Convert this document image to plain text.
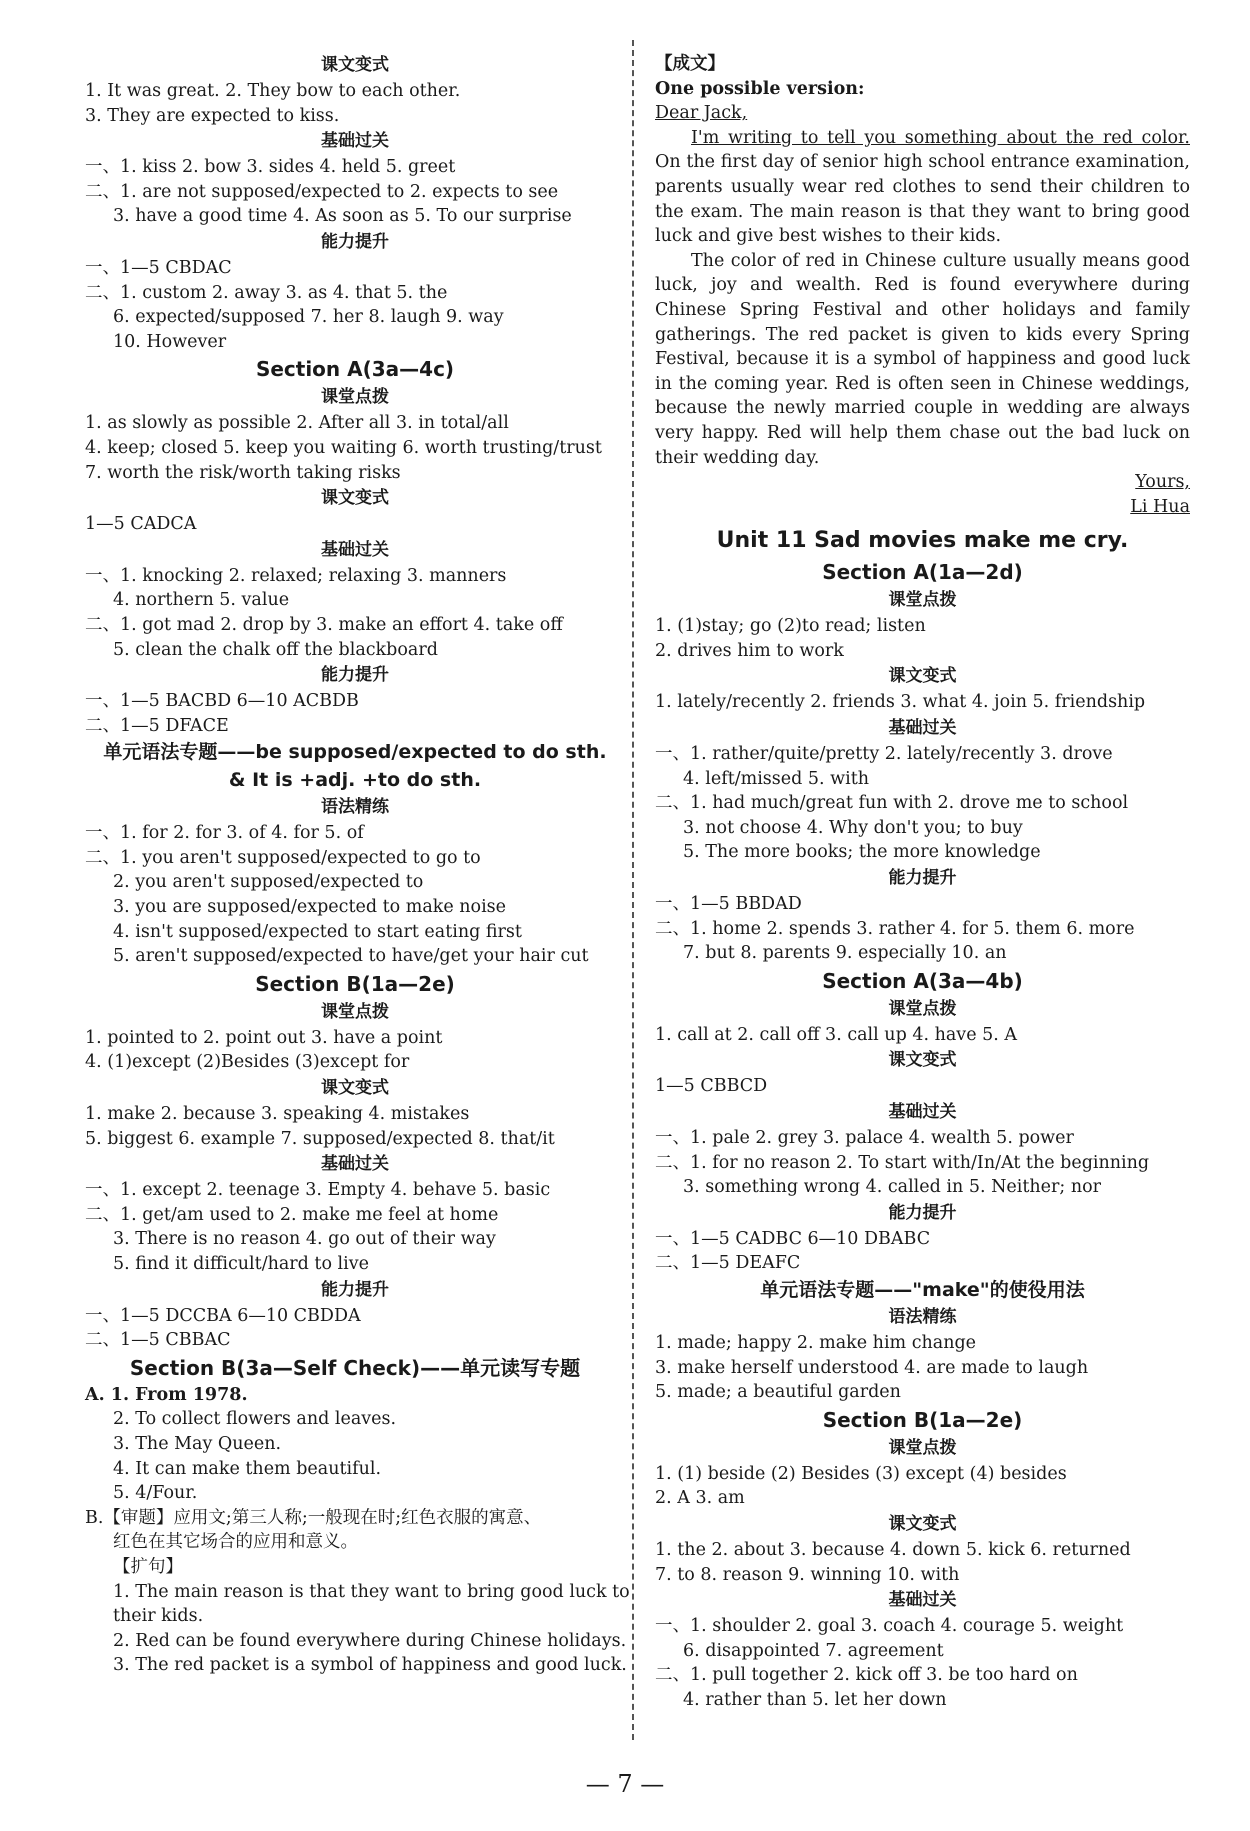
课文变式
1. It was great. 2. They bow to each other.
3. They are expected to kiss.
基础过关
一、1. kiss 2. bow 3. sides 4. held 5. greet
二、1. are not supposed/expected to 2. expects to see
3. have a good time 4. As soon as 5. To our surprise
能力提升
一、1—5 CBDAC
二、1. custom 2. away 3. as 4. that 5. the
6. expected/supposed 7. her 8. laugh 9. way
10. However
Section A(3a—4c)
课堂点拨
1. as slowly as possible 2. After all 3. in total/all
4. keep; closed 5. keep you waiting 6. worth trusting/trust
7. worth the risk/worth taking risks
课文变式
1—5 CADCA
基础过关
一、1. knocking 2. relaxed; relaxing 3. manners
4. northern 5. value
二、1. got mad 2. drop by 3. make an effort 4. take off
5. clean the chalk off the blackboard
能力提升
一、1—5 BACBD 6—10 ACBDB
二、1—5 DFACE
单元语法专题——be supposed/expected to do sth.
& It is +adj. +to do sth.
语法精练
一、1. for 2. for 3. of 4. for 5. of
二、1. you aren't supposed/expected to go to
2. you aren't supposed/expected to
3. you are supposed/expected to make noise
4. isn't supposed/expected to start eating first
5. aren't supposed/expected to have/get your hair cut
Section B(1a—2e)
课堂点拨
1. pointed to 2. point out 3. have a point
4. (1)except (2)Besides (3)except for
课文变式
1. make 2. because 3. speaking 4. mistakes
5. biggest 6. example 7. supposed/expected 8. that/it
基础过关
一、1. except 2. teenage 3. Empty 4. behave 5. basic
二、1. get/am used to 2. make me feel at home
3. There is no reason 4. go out of their way
5. find it difficult/hard to live
能力提升
一、1—5 DCCBA 6—10 CBDDA
二、1—5 CBBAC
Section B(3a—Self Check)——单元读写专题
A. 1. From 1978.
2. To collect flowers and leaves.
3. The May Queen.
4. It can make them beautiful.
5. 4/Four.
B.【审题】应用文;第三人称;一般现在时;红色衣服的寓意、
红色在其它场合的应用和意义。
【扩句】
1. The main reason is that they want to bring good luck to
their kids.
2. Red can be found everywhere during Chinese holidays.
3. The red packet is a symbol of happiness and good luck.
【成文】
One possible version:
Dear Jack,
I'm writing to tell you something about the red color. On the first day of senior high school entrance examination, parents usually wear red clothes to send their children to the exam. The main reason is that they want to bring good luck and give best wishes to their kids.
The color of red in Chinese culture usually means good luck, joy and wealth. Red is found everywhere during Chinese Spring Festival and other holidays and family gatherings. The red packet is given to kids every Spring Festival, because it is a symbol of happiness and good luck in the coming year. Red is often seen in Chinese weddings, because the newly married couple in wedding are always very happy. Red will help them chase out the bad luck on their wedding day.
Yours,
Li Hua
Unit 11 Sad movies make me cry.
Section A(1a—2d)
课堂点拨
1. (1)stay; go (2)to read; listen
2. drives him to work
课文变式
1. lately/recently 2. friends 3. what 4. join 5. friendship
基础过关
一、1. rather/quite/pretty 2. lately/recently 3. drove
4. left/missed 5. with
二、1. had much/great fun with 2. drove me to school
3. not choose 4. Why don't you; to buy
5. The more books; the more knowledge
能力提升
一、1—5 BBDAD
二、1. home 2. spends 3. rather 4. for 5. them 6. more
7. but 8. parents 9. especially 10. an
Section A(3a—4b)
课堂点拨
1. call at 2. call off 3. call up 4. have 5. A
课文变式
1—5 CBBCD
基础过关
一、1. pale 2. grey 3. palace 4. wealth 5. power
二、1. for no reason 2. To start with/In/At the beginning
3. something wrong 4. called in 5. Neither; nor
能力提升
一、1—5 CADBC 6—10 DBABC
二、1—5 DEAFC
单元语法专题——"make"的使役用法
语法精练
1. made; happy 2. make him change
3. make herself understood 4. are made to laugh
5. made; a beautiful garden
Section B(1a—2e)
课堂点拨
1. (1) beside (2) Besides (3) except (4) besides
2. A 3. am
课文变式
1. the 2. about 3. because 4. down 5. kick 6. returned
7. to 8. reason 9. winning 10. with
基础过关
一、1. shoulder 2. goal 3. coach 4. courage 5. weight
6. disappointed 7. agreement
二、1. pull together 2. kick off 3. be too hard on
4. rather than 5. let her down
— 7 —
